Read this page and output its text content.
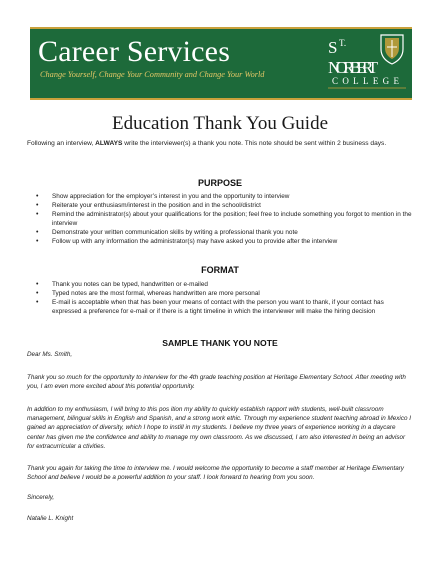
Career Services
Change Yourself, Change Your Community and Change Your World
S T.
NORBERT
COLLEGE
Education Thank You Guide

Following an interview, ALWAYS write the interviewer(s) a thank you note. This note should be sent within 2 business days.

PURPOSE
• Show appreciation for the employer’s interest in you and the opportunity to interview
• Reiterate your enthusiasm/interest in the position and in the school/district
• Remind the administrator(s) about your qualifications for the position; feel free to include something you forgot to mention in the interview
• Demonstrate your written communication skills by writing a professional thank you note
• Follow up with any information the administrator(s) may have asked you to provide after the interview
FORMAT
• Thank you notes can be typed, handwritten or e-mailed
• Typed notes are the most formal, whereas handwritten are more personal
• E-mail is acceptable when that has been your means of contact with the person you want to thank, if your contact has expressed a preference for e-mail or if there is a tight timeline in which the interviewer will make the hiring decision
SAMPLE THANK YOU NOTE

Dear Ms. Smith,

Thank you so much for the opportunity to interview for the 4th grade teaching position at Heritage Elementary School. After meeting with you, I am even more excited about this potential opportunity.

In addition to my enthusiasm, I will bring to this pos ition my ability to quickly establish rapport with students, well-built classroom management, bilingual skills in English and Spanish, and a strong work ethic. Through my experience student teaching abroad in Mexico I gained an appreciation of diversity, which I hope to instill in my students. I believe my three years of experience working in a daycare center has given me the confidence and ability to manage my own classroom. As we discussed, I am also interested in being an advisor for extracurricular a ctivities.

Thank you again for taking the time to interview me. I would welcome the opportunity to become a staff member at Heritage Elementary School and believe I would be a powerful addition to your staff. I look forward to hearing from you soon.

Sincerely,

Natalie L. Knight
